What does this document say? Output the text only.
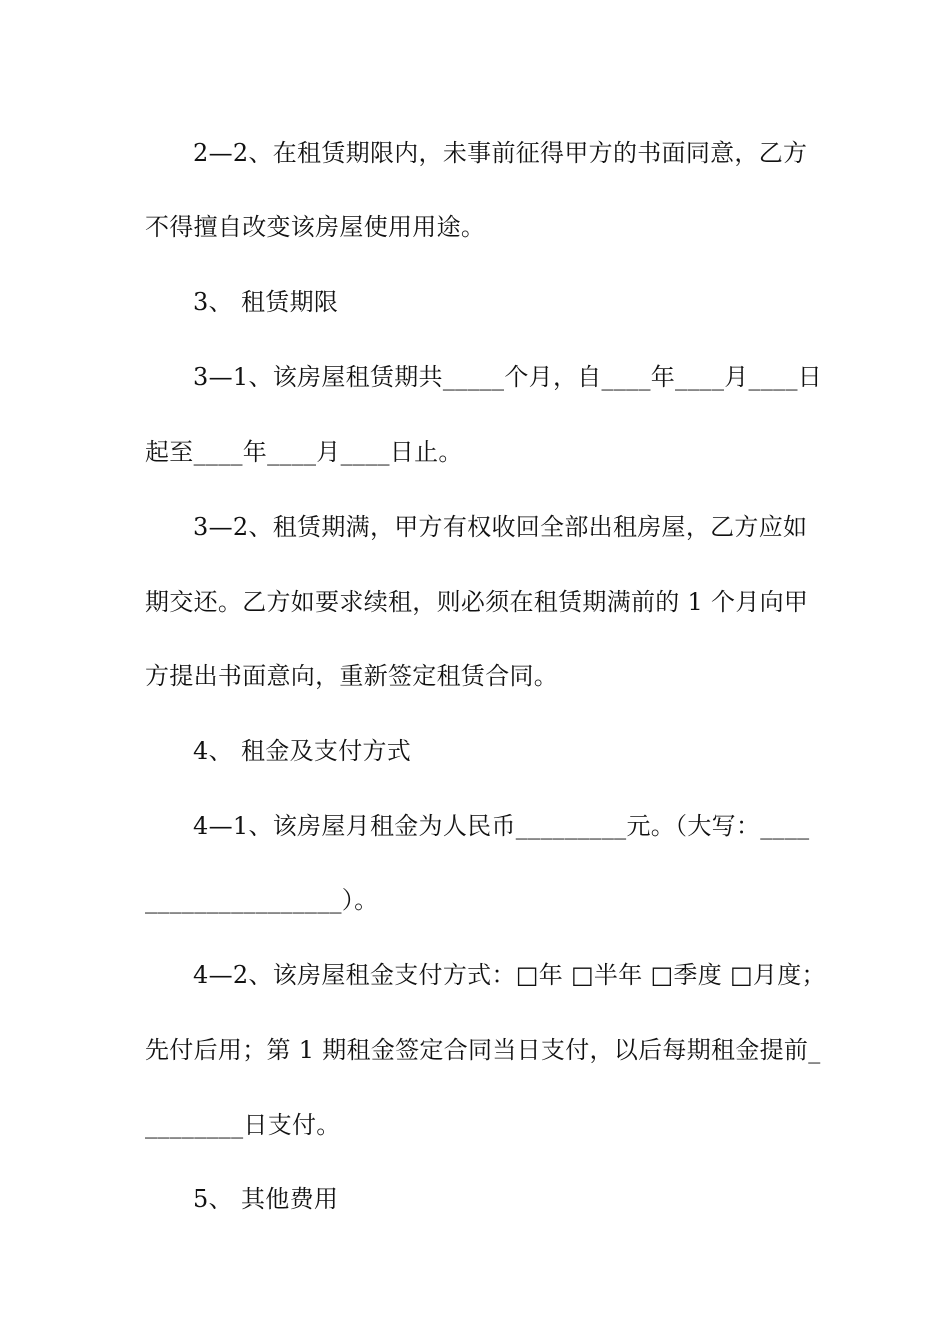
2—2、在租赁期限内，未事前征得甲方的书面同意，乙方
不得擅自改变该房屋使用用途。
3、 租赁期限
3—1、该房屋租赁期共_____个月，自____年____月____日
起至____年____月____日止。
3—2、租赁期满，甲方有权收回全部出租房屋，乙方应如
期交还。乙方如要求续租，则必须在租赁期满前的 1 个月向甲
方提出书面意向，重新签定租赁合同。
4、 租金及支付方式
4—1、该房屋月租金为人民币_________元。（大写：____
________________）。
4—2、该房屋租金支付方式：□年 □半年 □季度 □月度；
先付后用；第 1 期租金签定合同当日支付，以后每期租金提前_
________日支付。
5、 其他费用
